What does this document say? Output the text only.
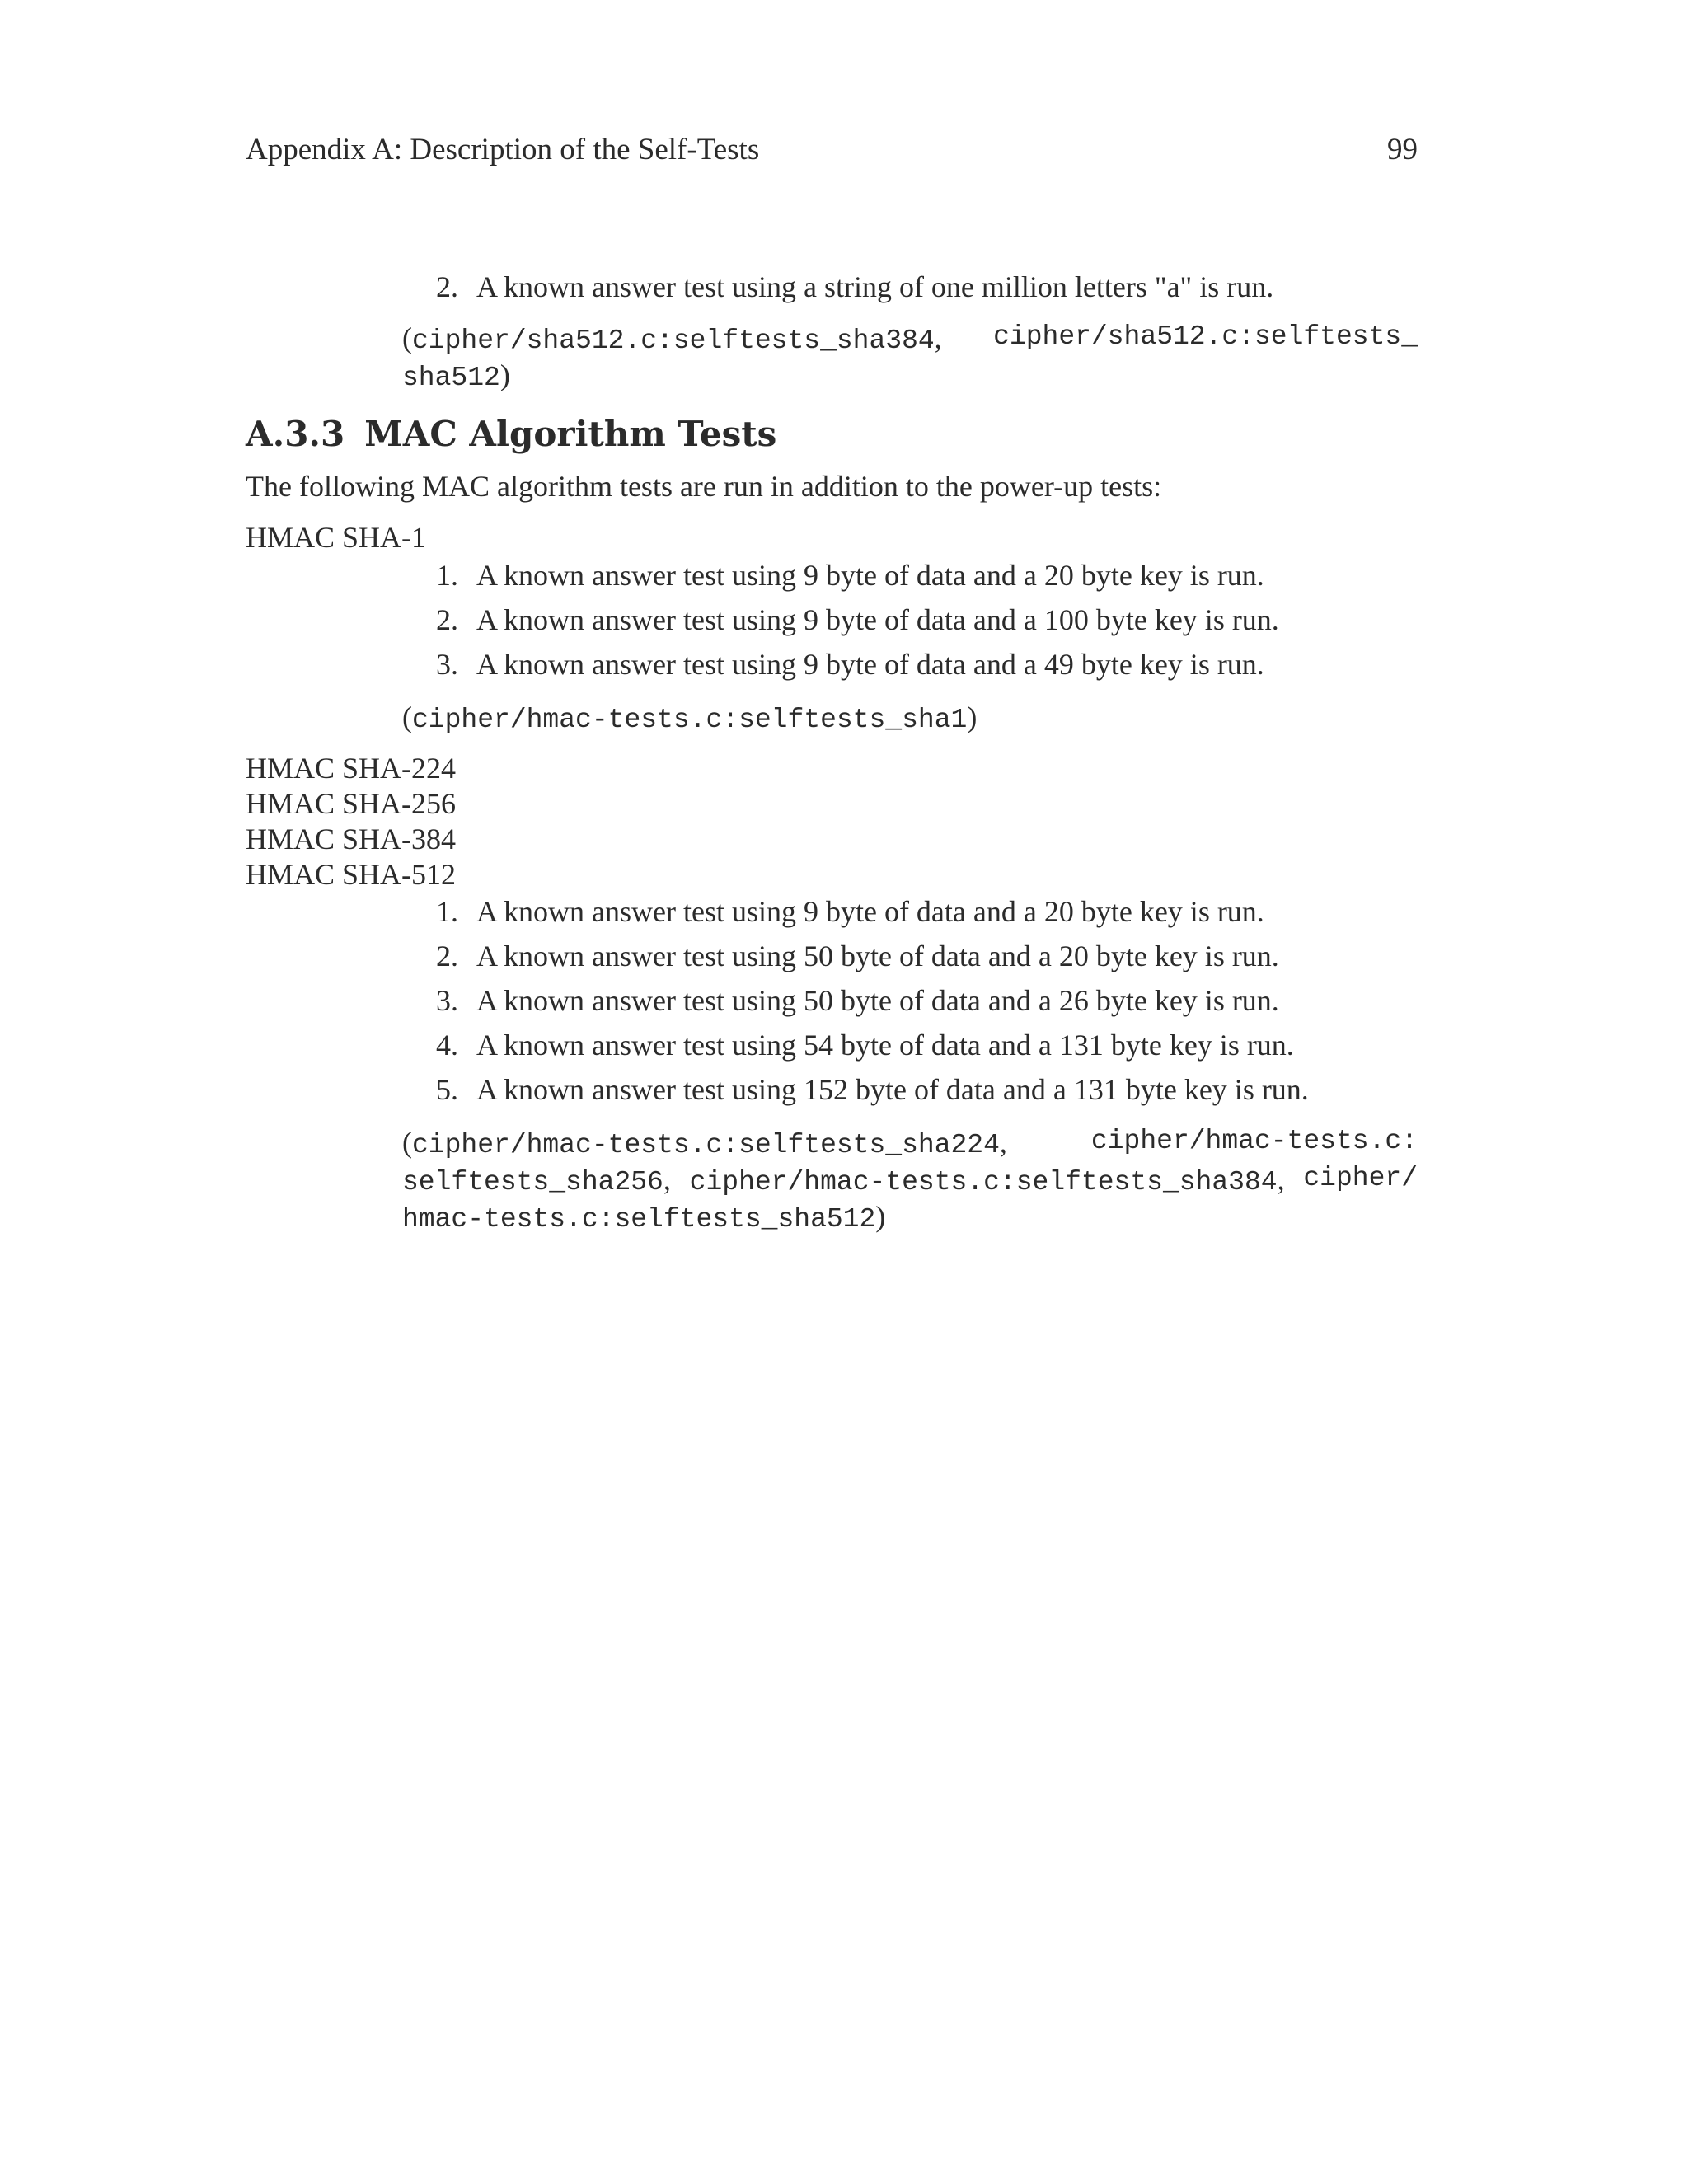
Appendix A: Description of the Self-Tests	99
2. A known answer test using a string of one million letters "a" is run.
(cipher/sha512.c:selftests_sha384, cipher/sha512.c:selftests_
sha512)
A.3.3 MAC Algorithm Tests
The following MAC algorithm tests are run in addition to the power-up tests:
HMAC SHA-1
1. A known answer test using 9 byte of data and a 20 byte key is run.
2. A known answer test using 9 byte of data and a 100 byte key is run.
3. A known answer test using 9 byte of data and a 49 byte key is run.
(cipher/hmac-tests.c:selftests_sha1)
HMAC SHA-224
HMAC SHA-256
HMAC SHA-384
HMAC SHA-512
1. A known answer test using 9 byte of data and a 20 byte key is run.
2. A known answer test using 50 byte of data and a 20 byte key is run.
3. A known answer test using 50 byte of data and a 26 byte key is run.
4. A known answer test using 54 byte of data and a 131 byte key is run.
5. A known answer test using 152 byte of data and a 131 byte key is run.
(cipher/hmac-tests.c:selftests_sha224,	cipher/hmac-tests.c:
selftests_sha256, cipher/hmac-tests.c:selftests_sha384, cipher/
hmac-tests.c:selftests_sha512)
